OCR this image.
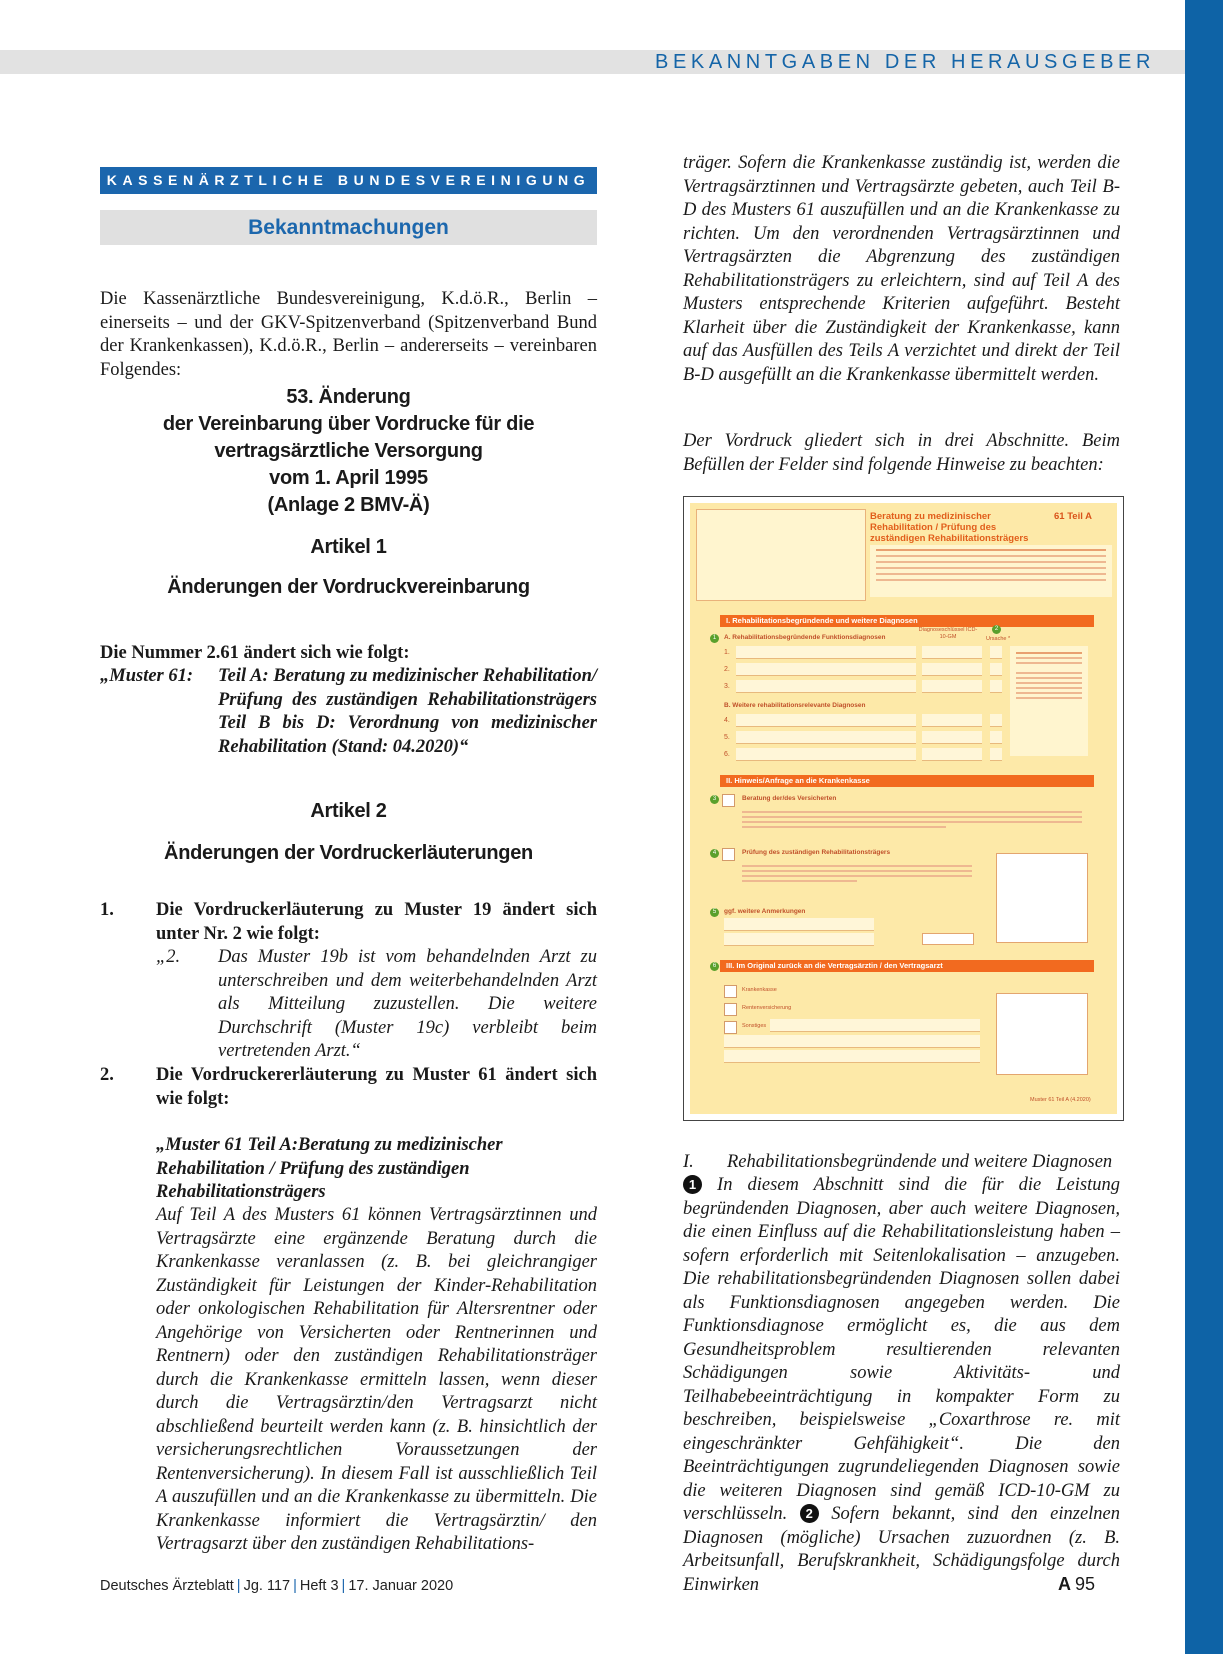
BEKANNTGABEN DER HERAUSGEBER
KASSENÄRZTLICHE BUNDESVEREINIGUNG
Bekanntmachungen
Die Kassenärztliche Bundesvereinigung, K.d.ö.R., Berlin – einerseits – und der GKV-Spitzenverband (Spitzenverband Bund der Krankenkassen), K.d.ö.R., Berlin – andererseits – vereinbaren Folgendes:
53. Änderung
der Vereinbarung über Vordrucke für die
vertragsärztliche Versorgung
vom 1. April 1995
(Anlage 2 BMV-Ä)
Artikel 1
Änderungen der Vordruckvereinbarung
Die Nummer 2.61 ändert sich wie folgt:
„Muster 61:	Teil A: Beratung zu medizinischer Rehabilitation/ Prüfung des zuständigen Rehabilitationsträgers Teil B bis D: Verordnung von medizinischer Rehabilitation (Stand: 04.2020)“
Artikel 2
Änderungen der Vordruckerläuterungen
1.	Die Vordruckerläuterung zu Muster 19 ändert sich unter Nr. 2 wie folgt:
„2.	Das Muster 19b ist vom behandelnden Arzt zu unterschreiben und dem weiterbehandelnden Arzt als Mitteilung zuzustellen. Die weitere Durchschrift (Muster 19c) verbleibt beim vertretenden Arzt.“
2.	Die Vordruckererläuterung zu Muster 61 ändert sich wie folgt:
„Muster 61 Teil A:Beratung zu medizinischer Rehabilitation / Prüfung des zuständigen Rehabilitationsträgers
Auf Teil A des Musters 61 können Vertragsärztinnen und Vertragsärzte eine ergänzende Beratung durch die Krankenkasse veranlassen (z. B. bei gleichrangiger Zuständigkeit für Leistungen der Kinder-Rehabilitation oder onkologischen Rehabilitation für Altersrentner oder Angehörige von Versicherten oder Rentnerinnen und Rentnern) oder den zuständigen Rehabilitationsträger durch die Krankenkasse ermitteln lassen, wenn dieser durch die Vertragsärztin/den Vertragsarzt nicht abschließend beurteilt werden kann (z. B. hinsichtlich der versicherungsrechtlichen Voraussetzungen der Rentenversicherung). In diesem Fall ist ausschließlich Teil A auszufüllen und an die Krankenkasse zu übermitteln. Die Krankenkasse informiert die Vertragsärztin/ den Vertragsarzt über den zuständigen Rehabilitations-
träger. Sofern die Krankenkasse zuständig ist, werden die Vertragsärztinnen und Vertragsärzte gebeten, auch Teil B-D des Musters 61 auszufüllen und an die Krankenkasse zu richten. Um den verordnenden Vertragsärztinnen und Vertragsärzten die Abgrenzung des zuständigen Rehabilitationsträgers zu erleichtern, sind auf Teil A des Musters entsprechende Kriterien aufgeführt. Besteht Klarheit über die Zuständigkeit der Krankenkasse, kann auf das Ausfüllen des Teils A verzichtet und direkt der Teil B-D ausgefüllt an die Krankenkasse übermittelt werden.
Der Vordruck gliedert sich in drei Abschnitte. Beim Befüllen der Felder sind folgende Hinweise zu beachten:
Beratung zu medizinischer Rehabilitation / Prüfung des zuständigen Rehabilitationsträgers
61 Teil A
I. Rehabilitationsbegründende und weitere Diagnosen
1	A. Rehabilitationsbegründende Funktionsdiagnosen
Diagnoseschlüssel ICD-10-GM
2
Ursache *
1.
2.
3.
B. Weitere rehabilitationsrelevante Diagnosen
4.
5.
6.
II. Hinweis/Anfrage an die Krankenkasse
3	Beratung der/des Versicherten
4	Prüfung des zuständigen Rehabilitationsträgers
5	ggf. weitere Anmerkungen
6	III. Im Original zurück an die Vertragsärztin / den Vertragsarzt
Krankenkasse
Rentenversicherung
Sonstiges
Muster 61 Teil A (4.2020)
I.	Rehabilitationsbegründende und weitere Diagnosen
1 In diesem Abschnitt sind die für die Leistung begründenden Diagnosen, aber auch weitere Diagnosen, die einen Einfluss auf die Rehabilitationsleistung haben – sofern erforderlich mit Seitenlokalisation – anzugeben. Die rehabilitationsbegründenden Diagnosen sollen dabei als Funktionsdiagnosen angegeben werden. Die Funktionsdiagnose ermöglicht es, die aus dem Gesundheitsproblem resultierenden relevanten Schädigungen sowie Aktivitäts- und Teilhabebeeinträchtigung in kompakter Form zu beschreiben, beispielsweise „Coxarthrose re. mit eingeschränkter Gehfähigkeit“. Die den Beeinträchtigungen zugrundeliegenden Diagnosen sowie die weiteren Diagnosen sind gemäß ICD-10-GM zu verschlüsseln. 2 Sofern bekannt, sind den einzelnen Diagnosen (mögliche) Ursachen zuzuordnen (z. B. Arbeitsunfall, Berufskrankheit, Schädigungsfolge durch Einwirken
Deutsches Ärzteblatt | Jg. 117 | Heft 3 | 17. Januar 2020	A 95
